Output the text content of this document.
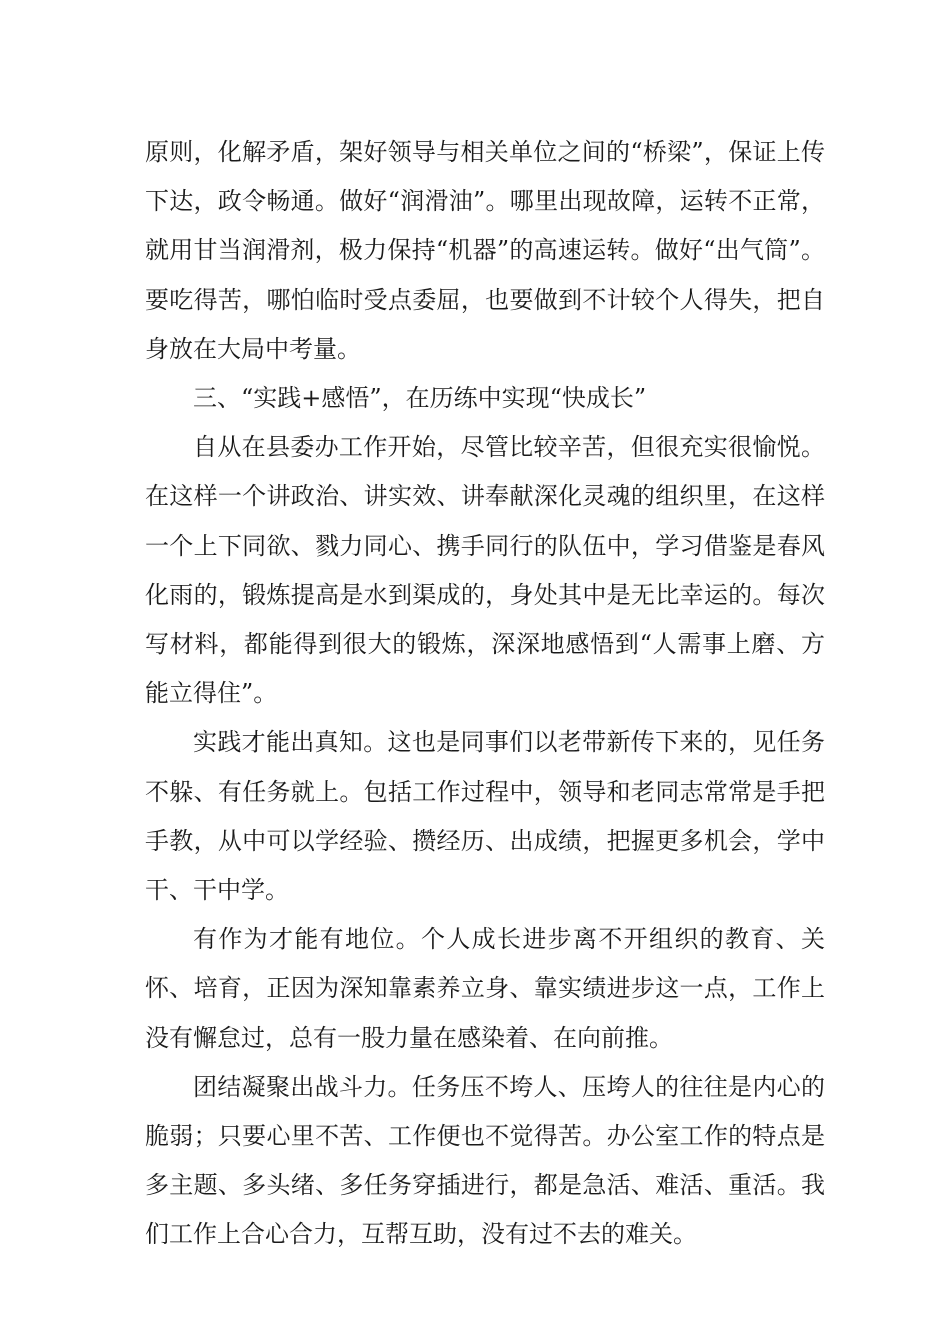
原则，化解矛盾，架好领导与相关单位之间的“桥梁”，保证上传下达，政令畅通。做好“润滑油”。哪里出现故障，运转不正常，就用甘当润滑剂，极力保持“机器”的高速运转。做好“出气筒”。要吃得苦，哪怕临时受点委屈，也要做到不计较个人得失，把自身放在大局中考量。

三、“实践+感悟”，在历练中实现“快成长”

自从在县委办工作开始，尽管比较辛苦，但很充实很愉悦。在这样一个讲政治、讲实效、讲奉献深化灵魂的组织里，在这样一个上下同欲、戮力同心、携手同行的队伍中，学习借鉴是春风化雨的，锻炼提高是水到渠成的，身处其中是无比幸运的。每次写材料，都能得到很大的锻炼，深深地感悟到“人需事上磨、方能立得住”。

实践才能出真知。这也是同事们以老带新传下来的，见任务不躲、有任务就上。包括工作过程中，领导和老同志常常是手把手教，从中可以学经验、攒经历、出成绩，把握更多机会，学中干、干中学。

有作为才能有地位。个人成长进步离不开组织的教育、关怀、培育，正因为深知靠素养立身、靠实绩进步这一点，工作上没有懈怠过，总有一股力量在感染着、在向前推。

团结凝聚出战斗力。任务压不垮人、压垮人的往往是内心的脆弱；只要心里不苦、工作便也不觉得苦。办公室工作的特点是多主题、多头绪、多任务穿插进行，都是急活、难活、重活。我们工作上合心合力，互帮互助，没有过不去的难关。
